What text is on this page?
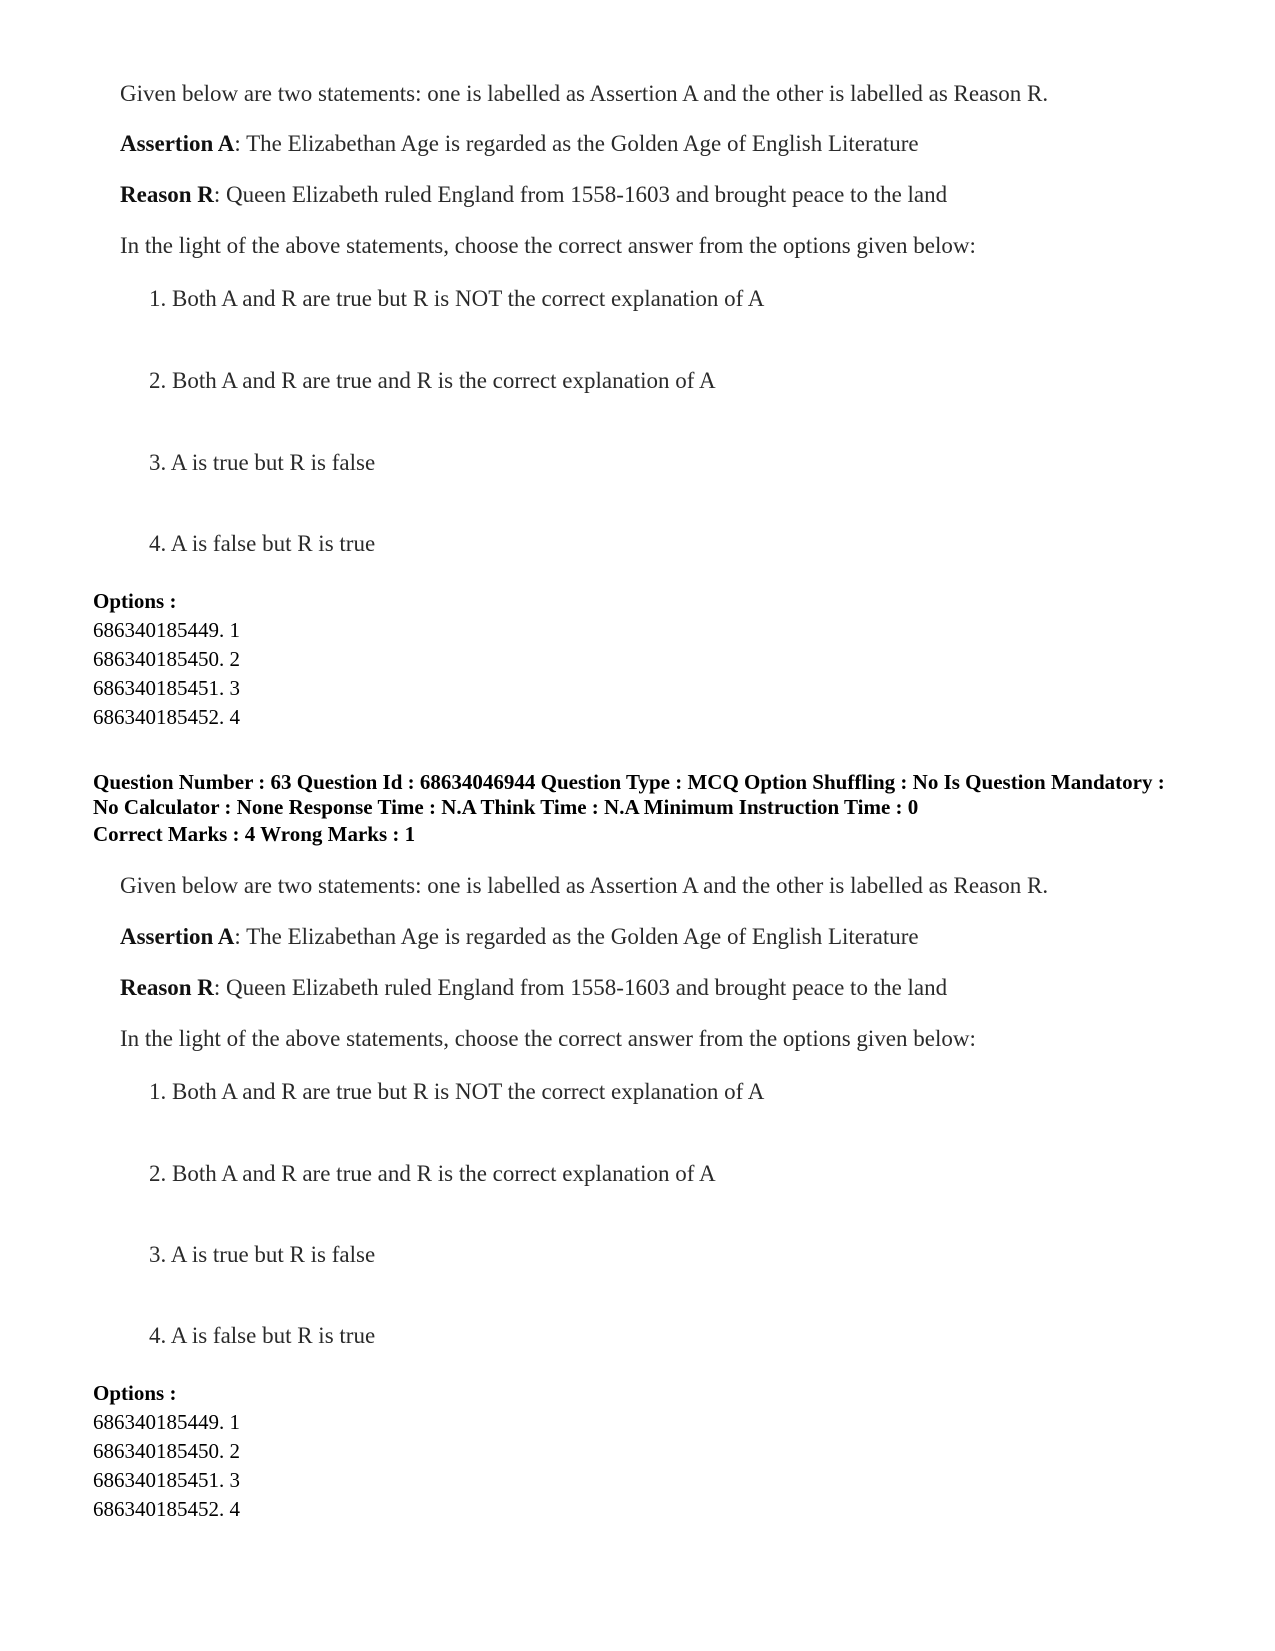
Given below are two statements: one is labelled as Assertion A and the other is labelled as Reason R.
Assertion A: The Elizabethan Age is regarded as the Golden Age of English Literature
Reason R: Queen Elizabeth ruled England from 1558-1603 and brought peace to the land
In the light of the above statements, choose the correct answer from the options given below:
1. Both A and R are true but R is NOT the correct explanation of A
2. Both A and R are true and R is the correct explanation of A
3. A is true but R is false
4. A is false but R is true
Options :
686340185449. 1
686340185450. 2
686340185451. 3
686340185452. 4
Question Number : 63 Question Id : 68634046944 Question Type : MCQ Option Shuffling : No Is Question Mandatory :
No Calculator : None Response Time : N.A Think Time : N.A Minimum Instruction Time : 0
Correct Marks : 4 Wrong Marks : 1
Given below are two statements: one is labelled as Assertion A and the other is labelled as Reason R.
Assertion A: The Elizabethan Age is regarded as the Golden Age of English Literature
Reason R: Queen Elizabeth ruled England from 1558-1603 and brought peace to the land
In the light of the above statements, choose the correct answer from the options given below:
1. Both A and R are true but R is NOT the correct explanation of A
2. Both A and R are true and R is the correct explanation of A
3. A is true but R is false
4. A is false but R is true
Options :
686340185449. 1
686340185450. 2
686340185451. 3
686340185452. 4
